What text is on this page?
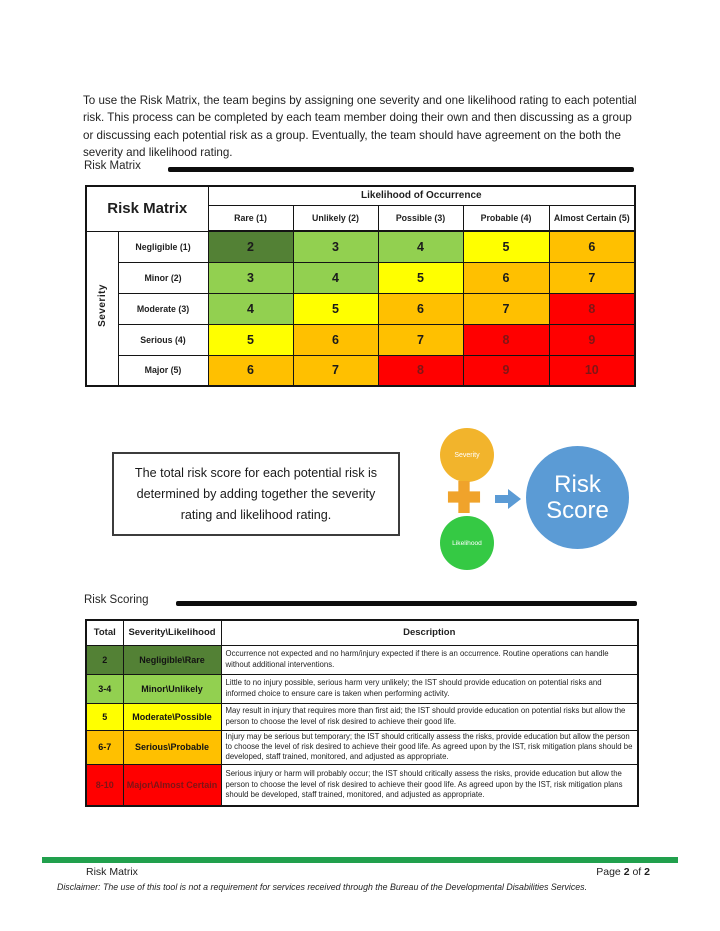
To use the Risk Matrix, the team begins by assigning one severity and one likelihood rating to each potential risk. This process can be completed by each team member doing their own and then discussing as a group or discussing each potential risk as a group. Eventually, the team should have agreement on the both the severity and likelihood rating.

Risk Matrix
Risk Matrix		Likelihood of Occurrence				
		Rare (1)	Unlikely (2)	Possible (3)	Probable (4)	Almost Certain (5)
Severity	Negligible (1)	2	3	4	5	6
	Minor (2)	3	4	5	6	7
	Moderate (3)	4	5	6	7	8
	Serious (4)	5	6	7	8	9
	Major (5)	6	7	8	9	10

The total risk score for each potential risk is determined by adding together the severity rating and likelihood rating.

Severity
Likelihood
Risk
Score
Risk Scoring
Total	Severity\Likelihood	Description
2	Negligible\Rare	Occurrence not expected and no harm/injury expected if there is an occurrence. Routine operations can handle without additional interventions.
3-4	Minor\Unlikely	Little to no injury possible, serious harm very unlikely; the IST should provide education on potential risks and informed choice to ensure care is taken when performing activity.
5	Moderate\Possible	May result in injury that requires more than first aid; the IST should provide education on potential risks but allow the person to choose the level of risk desired to achieve their good life.
6-7	Serious\Probable	Injury may be serious but temporary; the IST should critically assess the risks, provide education but allow the person to choose the level of risk desired to achieve their good life. As agreed upon by the IST, risk mitigation plans should be developed, staff trained, monitored, and adjusted as appropriate.
8-10	Major\Almost Certain	Serious injury or harm will probably occur; the IST should critically assess the risks, provide education but allow the person to choose the level of risk desired to achieve their good life. As agreed upon by the IST, risk mitigation plans should be developed, staff trained, monitored, and adjusted as appropriate.
Risk Matrix	Page 2 of 2
Disclaimer: The use of this tool is not a requirement for services received through the Bureau of the Developmental Disabilities Services.
